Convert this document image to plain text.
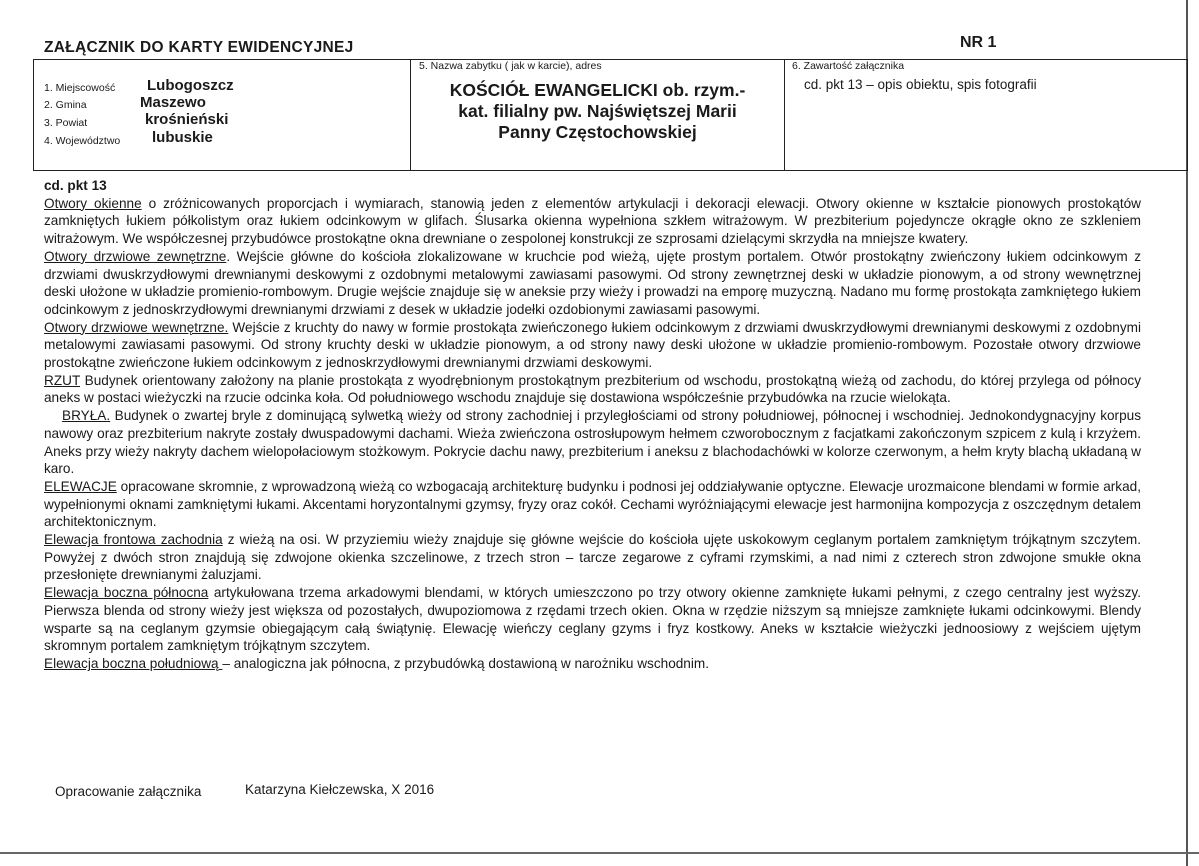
ZAŁĄCZNIK DO KARTY EWIDENCYJNEJ	NR 1
1. Miejscowość Lubogoszcz
2. Gmina	Maszewo
3. Powiat	krośnieński
4. Województwo lubuskie
5. Nazwa zabytku ( jak w karcie), adres
KOŚCIÓŁ EWANGELICKI ob. rzym.-
kat. filialny pw. Najświętszej Marii
Panny Częstochowskiej
6. Zawartość załącznika
cd. pkt 13 – opis obiektu, spis fotografii

cd. pkt 13

Otwory okienne o zróżnicowanych proporcjach i wymiarach, stanowią jeden z elementów artykulacji i dekoracji elewacji. Otwory okienne w kształcie pionowych prostokątów zamkniętych łukiem półkolistym oraz łukiem odcinkowym w glifach. Ślusarka okienna wypełniona szkłem witrażowym. W prezbiterium pojedyncze okrągłe okno ze szkleniem witrażowym. We współczesnej przybudówce prostokątne okna drewniane o zespolonej konstrukcji ze szprosami dzielącymi skrzydła na mniejsze kwatery.

Otwory drzwiowe zewnętrzne. Wejście główne do kościoła zlokalizowane w kruchcie pod wieżą, ujęte prostym portalem. Otwór prostokątny zwieńczony łukiem odcinkowym z drzwiami dwuskrzydłowymi drewnianymi deskowymi z ozdobnymi metalowymi zawiasami pasowymi. Od strony zewnętrznej deski w układzie pionowym, a od strony wewnętrznej deski ułożone w układzie promienio-rombowym. Drugie wejście znajduje się w aneksie przy wieży i prowadzi na emporę muzyczną. Nadano mu formę prostokąta zamkniętego łukiem odcinkowym z jednoskrzydłowymi drewnianymi drzwiami z desek w układzie jodełki ozdobionymi zawiasami pasowymi.

Otwory drzwiowe wewnętrzne. Wejście z kruchty do nawy w formie prostokąta zwieńczonego łukiem odcinkowym z drzwiami dwuskrzydłowymi drewnianymi deskowymi z ozdobnymi metalowymi zawiasami pasowymi. Od strony kruchty deski w układzie pionowym, a od strony nawy deski ułożone w układzie promienio-rombowym. Pozostałe otwory drzwiowe prostokątne zwieńczone łukiem odcinkowym z jednoskrzydłowymi drewnianymi drzwiami deskowymi.

RZUT Budynek orientowany założony na planie prostokąta z wyodrębnionym prostokątnym prezbiterium od wschodu, prostokątną wieżą od zachodu, do której przylega od północy aneks w postaci wieżyczki na rzucie odcinka koła. Od południowego wschodu znajduje się dostawiona współcześnie przybudówka na rzucie wielokąta.

BRYŁA. Budynek o zwartej bryle z dominującą sylwetką wieży od strony zachodniej i przyległościami od strony południowej, północnej i wschodniej. Jednokondygnacyjny korpus nawowy oraz prezbiterium nakryte zostały dwuspadowymi dachami. Wieża zwieńczona ostrosłupowym hełmem czworobocznym z facjatkami zakończonym szpicem z kulą i krzyżem. Aneks przy wieży nakryty dachem wielopołaciowym stożkowym. Pokrycie dachu nawy, prezbiterium i aneksu z blachodachówki w kolorze czerwonym, a hełm kryty blachą układaną w karo.

ELEWACJE opracowane skromnie, z wprowadzoną wieżą co wzbogacają architekturę budynku i podnosi jej oddziaływanie optyczne. Elewacje urozmaicone blendami w formie arkad, wypełnionymi oknami zamkniętymi łukami. Akcentami horyzontalnymi gzymsy, fryzy oraz cokół. Cechami wyróżniającymi elewacje jest harmonijna kompozycja z oszczędnym detalem architektonicznym.

Elewacja frontowa zachodnia z wieżą na osi. W przyziemiu wieży znajduje się główne wejście do kościoła ujęte uskokowym ceglanym portalem zamkniętym trójkątnym szczytem. Powyżej z dwóch stron znajdują się zdwojone okienka szczelinowe, z trzech stron – tarcze zegarowe z cyframi rzymskimi, a nad nimi z czterech stron zdwojone smukłe okna przesłonięte drewnianymi żaluzjami.

Elewacja boczna północna artykułowana trzema arkadowymi blendami, w których umieszczono po trzy otwory okienne zamknięte łukami pełnymi, z czego centralny jest wyższy. Pierwsza blenda od strony wieży jest większa od pozostałych, dwupoziomowa z rzędami trzech okien. Okna w rzędzie niższym są mniejsze zamknięte łukami odcinkowymi. Blendy wsparte są na ceglanym gzymsie obiegającym całą świątynię. Elewację wieńczy ceglany gzyms i fryz kostkowy. Aneks w kształcie wieżyczki jednoosiowy z wejściem ujętym skromnym portalem zamkniętym trójkątnym szczytem.

Elewacja boczna południową – analogiczna jak północna, z przybudówką dostawioną w narożniku wschodnim.

Opracowanie załącznika	Katarzyna Kiełczewska, X 2016
